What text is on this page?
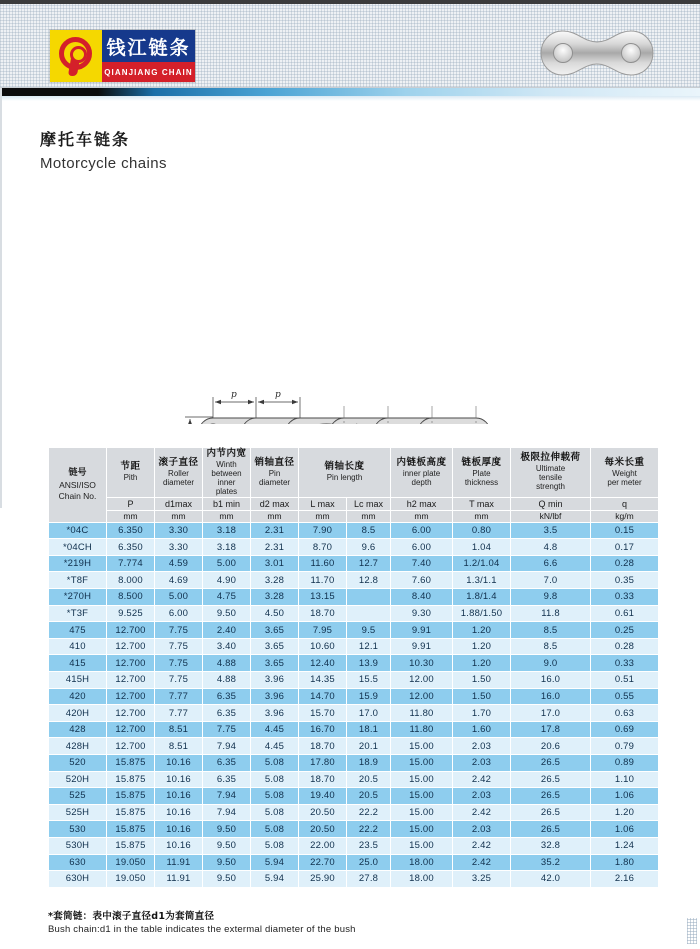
钱江链条
QIANJIANG CHAIN
摩托车链条
Motorcycle chains
p	p
链号
ANSI/ISO
Chain No.

节距
Pith

滚子直径
Roller
diameter

内节内宽
Winth
between
inner
plates

销轴直径
Pin
diameter

销轴长度
Pin length

内链板高度
inner plate
depth

链板厚度
Plate
thickness

极限拉伸载荷
Ultimate
tensile
strength

每米长重
Weight
per meter

	P	d1max	b1 min	d2 max	L max	Lc max	h2 max	T max	Q min	q
	mm	mm	mm	mm	mm	mm	mm	mm	kN/lbf	kg/m
*04C	6.350	3.30	3.18	2.31	7.90	8.5	6.00	0.80	3.5	0.15
*04CH	6.350	3.30	3.18	2.31	8.70	9.6	6.00	1.04	4.8	0.17
*219H	7.774	4.59	5.00	3.01	11.60	12.7	7.40	1.2/1.04	6.6	0.28
*T8F	8.000	4.69	4.90	3.28	11.70	12.8	7.60	1.3/1.1	7.0	0.35
*270H	8.500	5.00	4.75	3.28	13.15		8.40	1.8/1.4	9.8	0.33
*T3F	9.525	6.00	9.50	4.50	18.70		9.30	1.88/1.50	11.8	0.61
475	12.700	7.75	2.40	3.65	7.95	9.5	9.91	1.20	8.5	0.25
410	12.700	7.75	3.40	3.65	10.60	12.1	9.91	1.20	8.5	0.28
415	12.700	7.75	4.88	3.65	12.40	13.9	10.30	1.20	9.0	0.33
415H	12.700	7.75	4.88	3.96	14.35	15.5	12.00	1.50	16.0	0.51
420	12.700	7.77	6.35	3.96	14.70	15.9	12.00	1.50	16.0	0.55
420H	12.700	7.77	6.35	3.96	15.70	17.0	11.80	1.70	17.0	0.63
428	12.700	8.51	7.75	4.45	16.70	18.1	11.80	1.60	17.8	0.69
428H	12.700	8.51	7.94	4.45	18.70	20.1	15.00	2.03	20.6	0.79
520	15.875	10.16	6.35	5.08	17.80	18.9	15.00	2.03	26.5	0.89
520H	15.875	10.16	6.35	5.08	18.70	20.5	15.00	2.42	26.5	1.10
525	15.875	10.16	7.94	5.08	19.40	20.5	15.00	2.03	26.5	1.06
525H	15.875	10.16	7.94	5.08	20.50	22.2	15.00	2.42	26.5	1.20
530	15.875	10.16	9.50	5.08	20.50	22.2	15.00	2.03	26.5	1.06
530H	15.875	10.16	9.50	5.08	22.00	23.5	15.00	2.42	32.8	1.24
630	19.050	11.91	9.50	5.94	22.70	25.0	18.00	2.42	35.2	1.80
630H	19.050	11.91	9.50	5.94	25.90	27.8	18.00	3.25	42.0	2.16
*套筒链：表中滚子直径d1为套筒直径
Bush chain:d1 in the table indicates the extermal diameter of the bush
